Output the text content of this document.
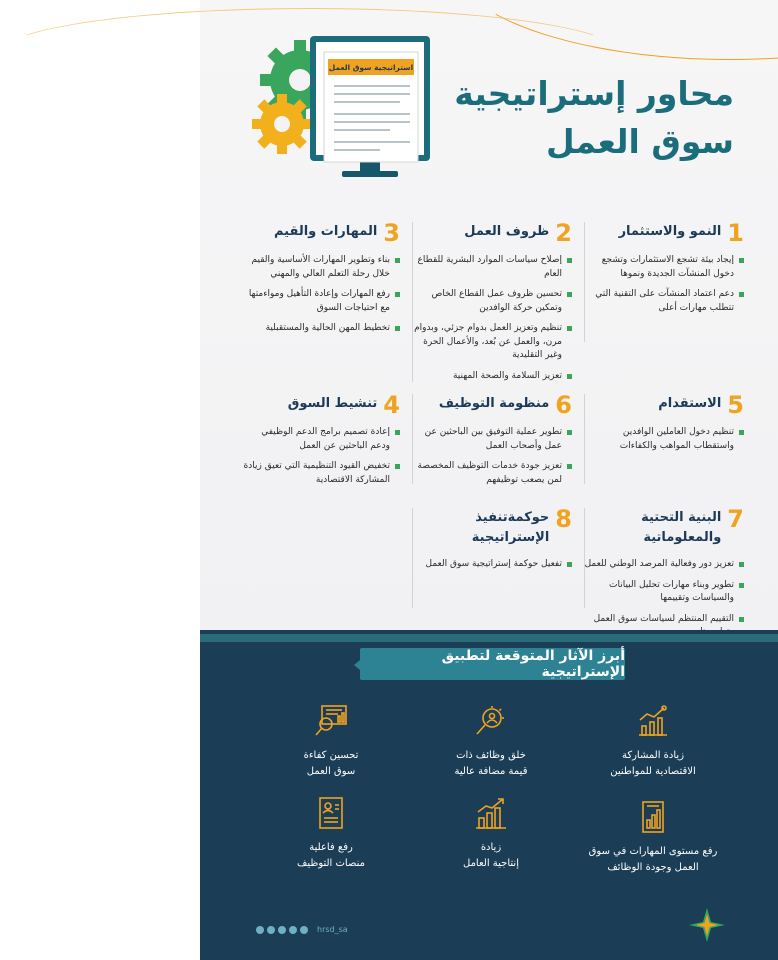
استراتيجية سوق العمل
محاور إستراتيجية
سوق العمل
1
النمو والاستثمار
إيجاد بيئة تشجع الاستثمارات وتشجع دخول المنشآت الجديدة ونموها
دعم اعتماد المنشآت على التقنية التي تتطلب مهارات أعلى
2
ظروف العمل
إصلاح سياسات الموارد البشرية للقطاع العام
تحسين ظروف عمل القطاع الخاص وتمكين حركة الوافدين
تنظيم وتعزيز العمل بدوام جزئي، وبدوام مرن، والعمل عن بُعد، والأعمال الحرة وغير التقليدية
تعزيز السلامة والصحة المهنية
3
المهارات والقيم
بناء وتطوير المهارات الأساسية والقيم خلال رحلة التعلم العالي والمهني
رفع المهارات وإعادة التأهيل ومواءمتها مع احتياجات السوق
تخطيط المهن الحالية والمستقبلية
5
الاستقدام
تنظيم دخول العاملين الوافدين واستقطاب المواهب والكفاءات
6
منظومة التوظيف
تطوير عملية التوفيق بين الباحثين عن عمل وأصحاب العمل
تعزيز جودة خدمات التوظيف المخصصة لمن يصعب توظيفهم
4
تنشيط السوق
إعادة تصميم برامج الدعم الوظيفي ودعم الباحثين عن العمل
تخفيض القيود التنظيمية التي تعيق زيادة المشاركة الاقتصادية
7
البنية التحتية والمعلوماتية
تعزيز دور وفعالية المرصد الوطني للعمل
تطوير وبناء مهارات تحليل البيانات والسياسات وتقييمها
التقييم المنتظم لسياسات سوق العمل
8
حوكمةتنفيذ الإستراتيجية
تفعيل حوكمة إستراتيجية سوق العمل
أبرز الآثار المتوقعة لتطبيق الإستراتيجية
زيادة المشاركة
الاقتصادية للمواطنين
خلق وظائف ذات
قيمة مضافة عالية
تحسين كفاءة
سوق العمل
رفع مستوى المهارات في سوق
العمل وجودة الوظائف
زيادة
إنتاجية العامل
رفع فاعلية
منصات التوظيف
hrsd_sa
